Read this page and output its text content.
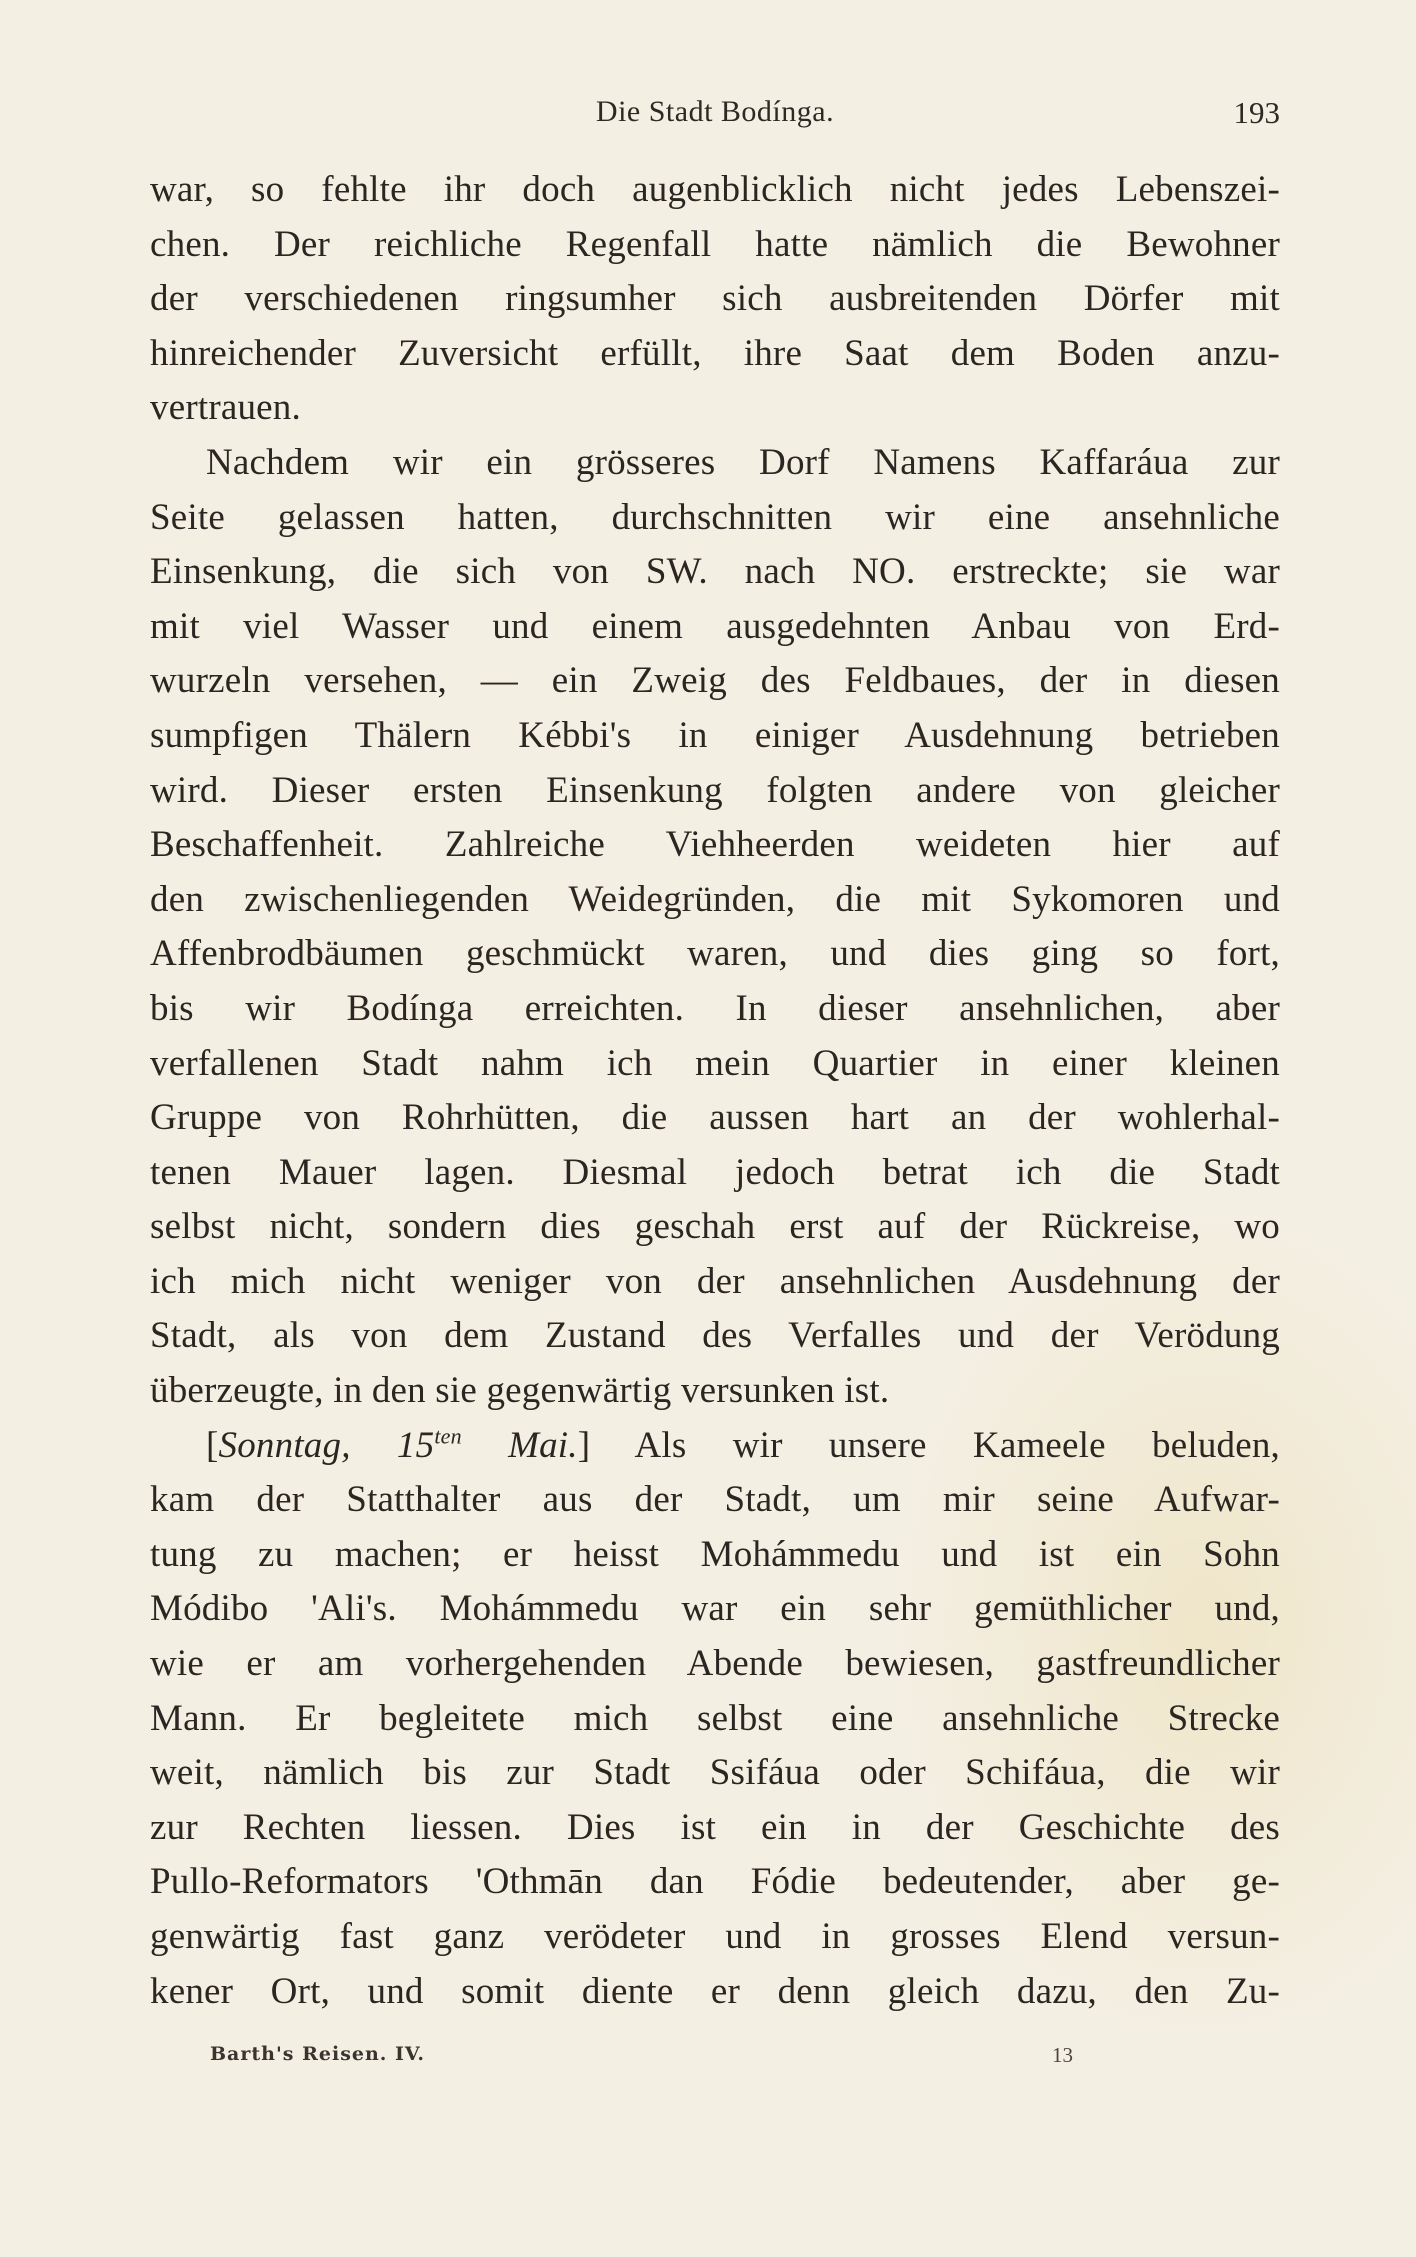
Die Stadt Bodínga.	193
war, so fehlte ihr doch augenblicklich nicht jedes Lebenszei-
chen. Der reichliche Regenfall hatte nämlich die Bewohner
der verschiedenen ringsumher sich ausbreitenden Dörfer mit
hinreichender Zuversicht erfüllt, ihre Saat dem Boden anzu-
vertrauen.
Nachdem wir ein grösseres Dorf Namens Kaffaráua zur
Seite gelassen hatten, durchschnitten wir eine ansehnliche
Einsenkung, die sich von SW. nach NO. erstreckte; sie war
mit viel Wasser und einem ausgedehnten Anbau von Erd-
wurzeln versehen, — ein Zweig des Feldbaues, der in diesen
sumpfigen Thälern Kébbi's in einiger Ausdehnung betrieben
wird. Dieser ersten Einsenkung folgten andere von gleicher
Beschaffenheit. Zahlreiche Viehheerden weideten hier auf
den zwischenliegenden Weidegründen, die mit Sykomoren und
Affenbrodbäumen geschmückt waren, und dies ging so fort,
bis wir Bodínga erreichten. In dieser ansehnlichen, aber
verfallenen Stadt nahm ich mein Quartier in einer kleinen
Gruppe von Rohrhütten, die aussen hart an der wohlerhal-
tenen Mauer lagen. Diesmal jedoch betrat ich die Stadt
selbst nicht, sondern dies geschah erst auf der Rückreise, wo
ich mich nicht weniger von der ansehnlichen Ausdehnung der
Stadt, als von dem Zustand des Verfalles und der Verödung
überzeugte, in den sie gegenwärtig versunken ist.
[Sonntag, $15^{ten}$ Mai.] Als wir unsere Kameele beluden,
kam der Statthalter aus der Stadt, um mir seine Aufwar-
tung zu machen; er heisst Mohámmedu und ist ein Sohn
Módibo 'Ali's. Mohámmedu war ein sehr gemüthlicher und,
wie er am vorhergehenden Abende bewiesen, gastfreundlicher
Mann. Er begleitete mich selbst eine ansehnliche Strecke
weit, nämlich bis zur Stadt Ssifáua oder Schifáua, die wir
zur Rechten liessen. Dies ist ein in der Geschichte des
Pullo-Reformators 'Othmān dan Fódie bedeutender, aber ge-
genwärtig fast ganz verödeter und in grosses Elend versun-
kener Ort, und somit diente er denn gleich dazu, den Zu-
Barth's Reisen. IV.	13
